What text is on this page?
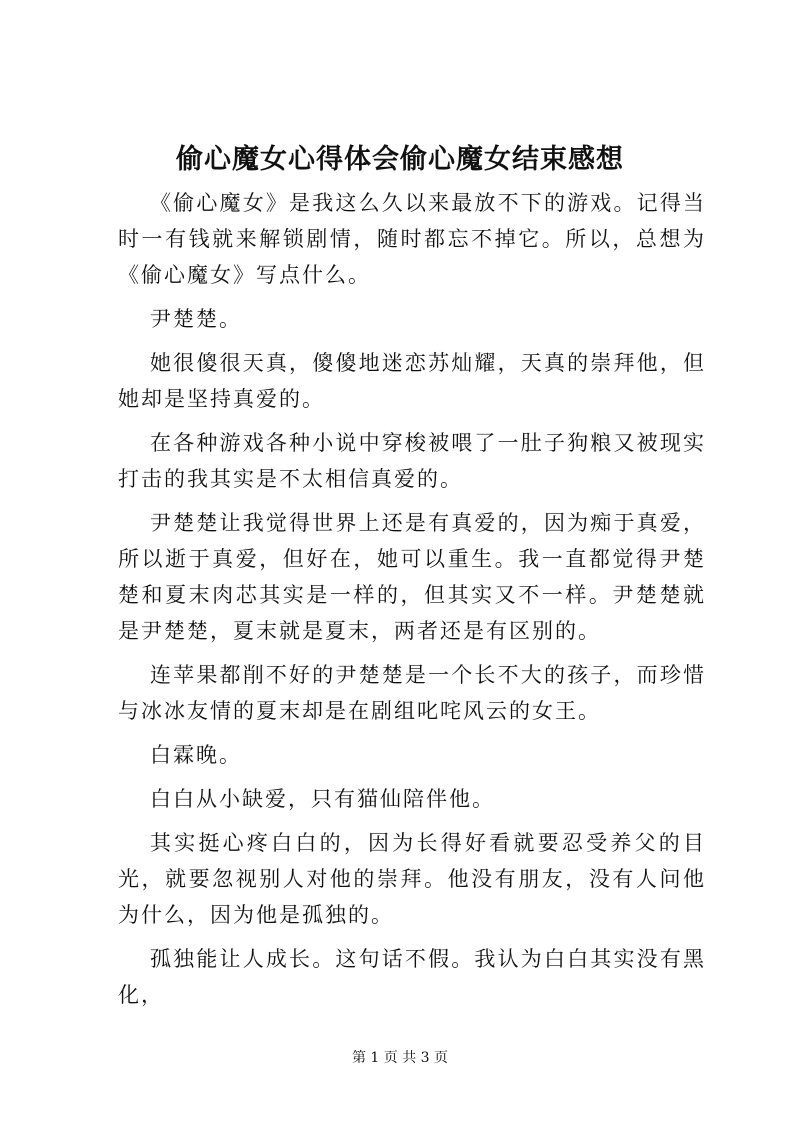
偷心魔女心得体会偷心魔女结束感想

《偷心魔女》是我这么久以来最放不下的游戏。记得当时一有钱就来解锁剧情，随时都忘不掉它。所以，总想为《偷心魔女》写点什么。

尹楚楚。

她很傻很天真，傻傻地迷恋苏灿耀，天真的崇拜他，但她却是坚持真爱的。

在各种游戏各种小说中穿梭被喂了一肚子狗粮又被现实打击的我其实是不太相信真爱的。

尹楚楚让我觉得世界上还是有真爱的，因为痴于真爱，所以逝于真爱，但好在，她可以重生。我一直都觉得尹楚楚和夏末肉芯其实是一样的，但其实又不一样。尹楚楚就是尹楚楚，夏末就是夏末，两者还是有区别的。

连苹果都削不好的尹楚楚是一个长不大的孩子，而珍惜与冰冰友情的夏末却是在剧组叱咤风云的女王。

白霖晚。

白白从小缺爱，只有猫仙陪伴他。

其实挺心疼白白的，因为长得好看就要忍受养父的目光，就要忽视别人对他的崇拜。他没有朋友，没有人问他为什么，因为他是孤独的。

孤独能让人成长。这句话不假。我认为白白其实没有黑化，

第 1 页 共 3 页
